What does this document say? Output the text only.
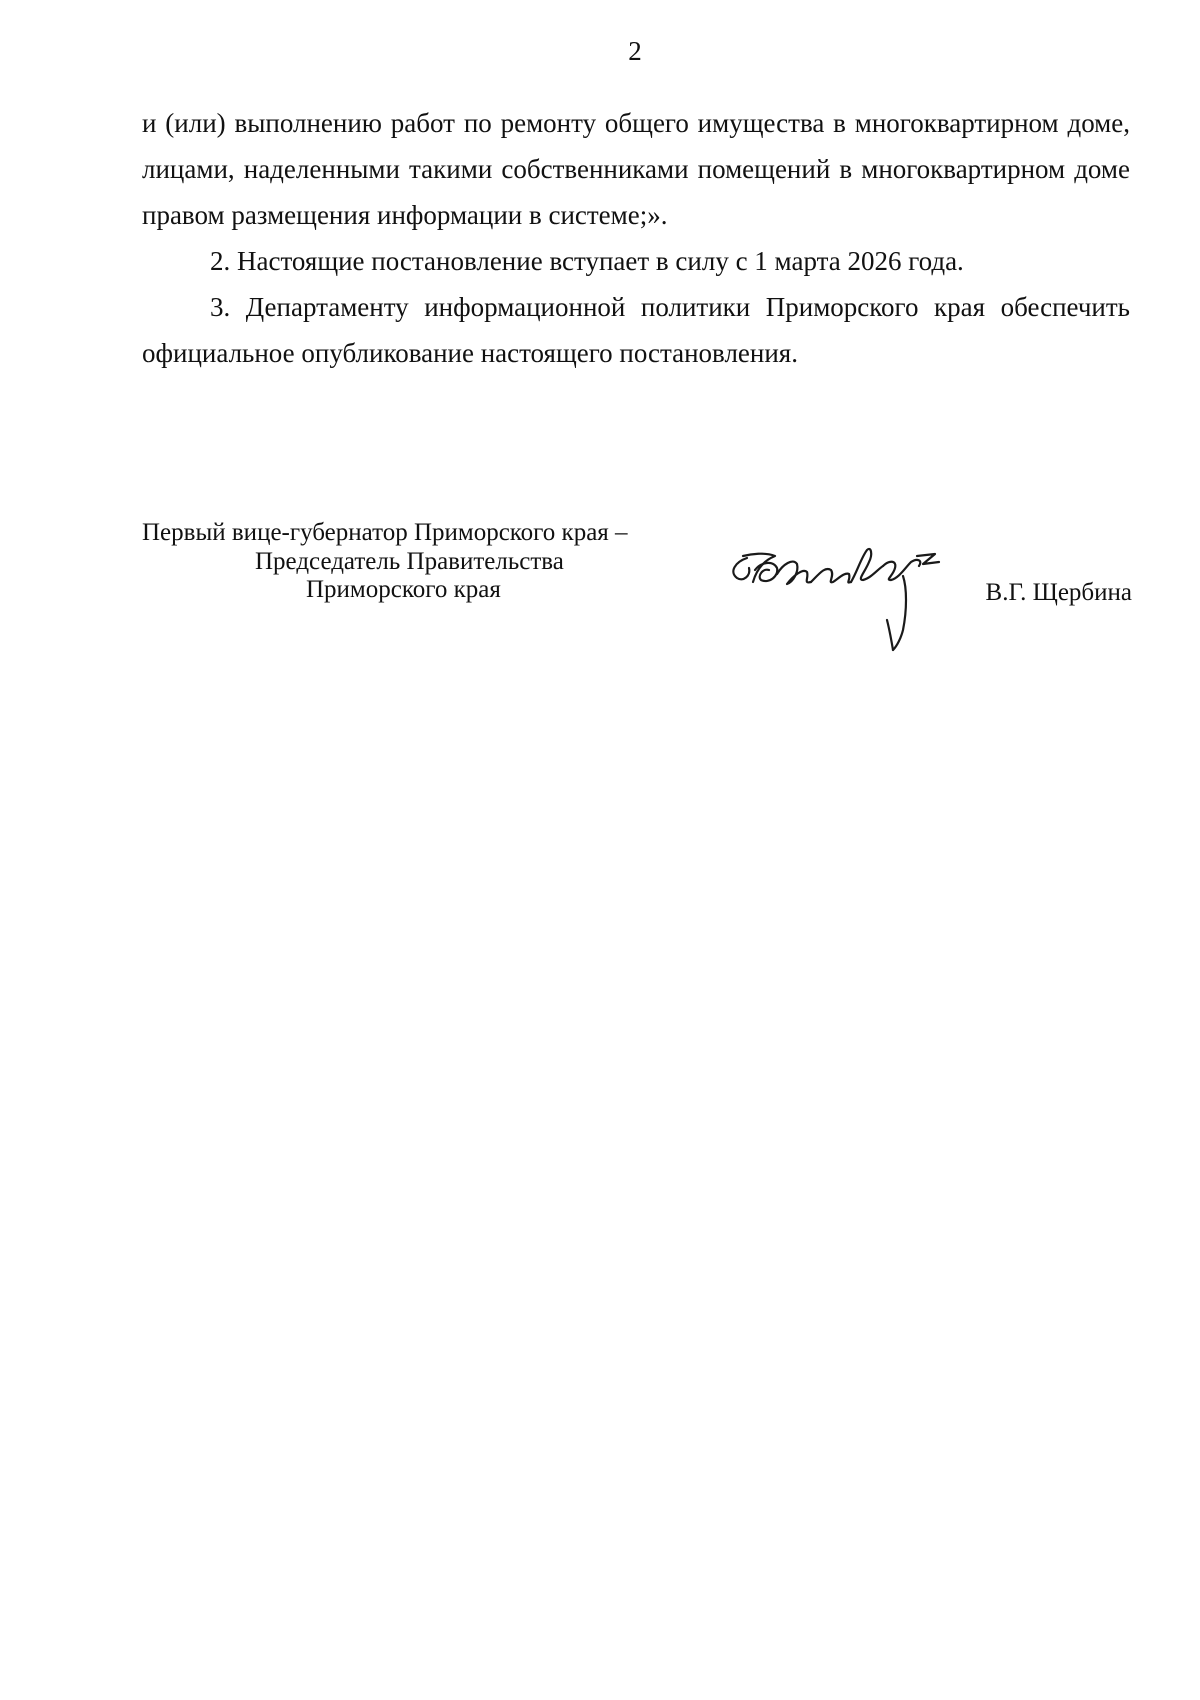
2

и (или) выполнению работ по ремонту общего имущества в многоквартирном доме, лицами, наделенными такими собственниками помещений в многоквартирном доме правом размещения информации в системе;».

2. Настоящие постановление вступает в силу с 1 марта 2026 года.

3. Департаменту информационной политики Приморского края обеспечить официальное опубликование настоящего постановления.

Первый вице-губернатор Приморского края –
Председатель Правительства
Приморского края	В.Г. Щербина
